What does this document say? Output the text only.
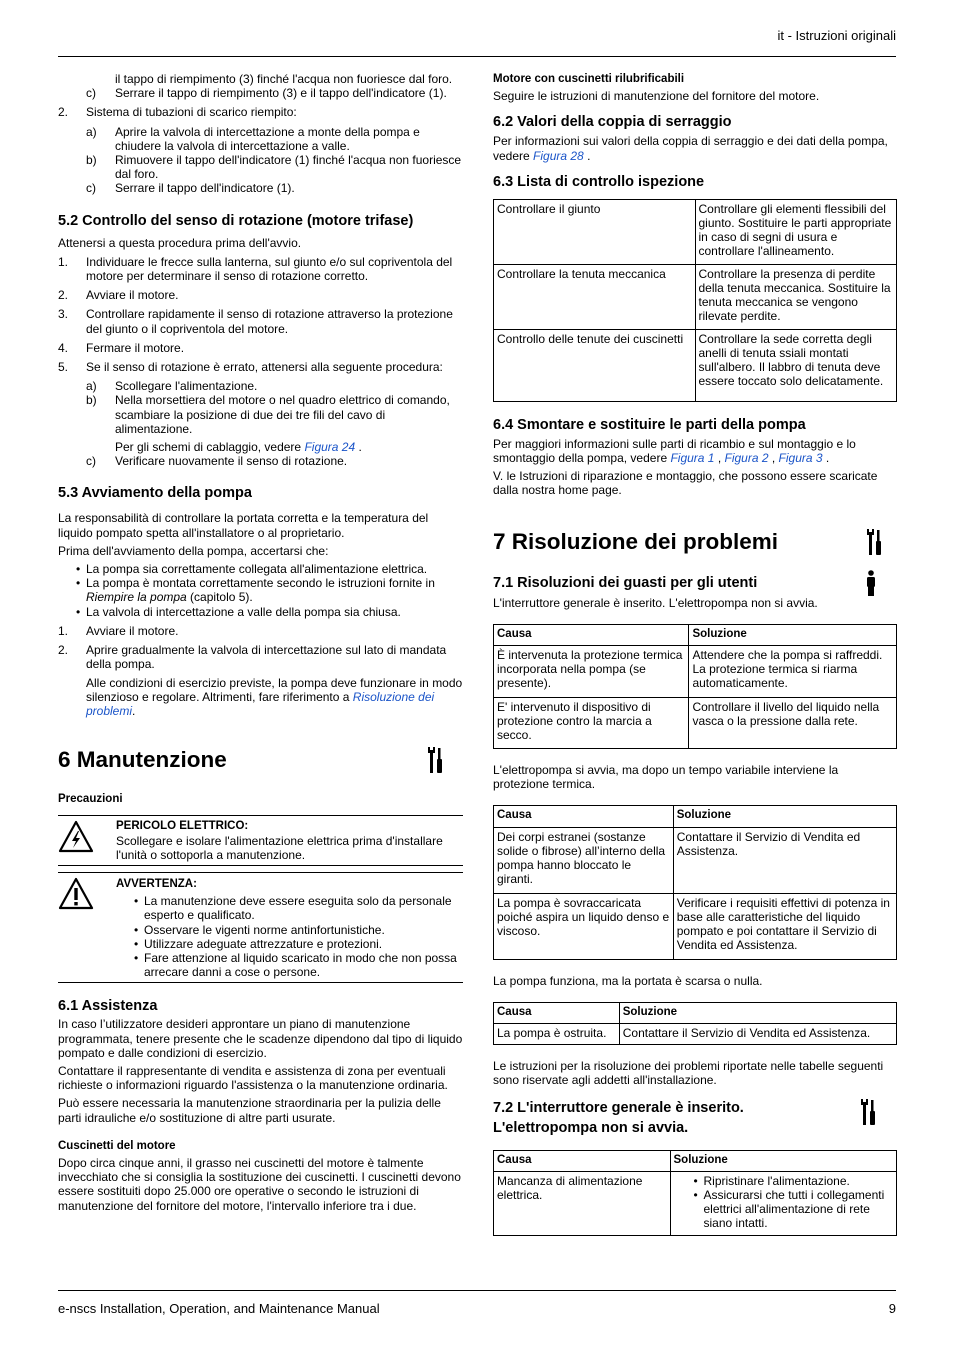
it - Istruzioni originali

il tappo di riempimento (3) finché l'acqua non fuoriesce dal foro.

c) Serrare il tappo di riempimento (3) e il tappo dell'indicatore (1).
2. Sistema di tubazioni di scarico riempito:
a) Aprire la valvola di intercettazione a monte della pompa e chiudere la valvola di intercettazione a valle.
b) Rimuovere il tappo dell'indicatore (1) finché l'acqua non fuoriesce dal foro.
c) Serrare il tappo dell'indicatore (1).
5.2 Controllo del senso di rotazione (motore trifase)

Attenersi a questa procedura prima dell'avvio.

1. Individuare le frecce sulla lanterna, sul giunto e/o sul copriventola del motore per determinare il senso di rotazione corretto.
2. Avviare il motore.
3. Controllare rapidamente il senso di rotazione attraverso la protezione del giunto o il copriventola del motore.
4. Fermare il motore.
5. Se il senso di rotazione è errato, attenersi alla seguente procedura:
a) Scollegare l'alimentazione.
b) Nella morsettiera del motore o nel quadro elettrico di comando, scambiare la posizione di due dei tre fili del cavo di alimentazione.

Per gli schemi di cablaggio, vedere Figura 24 .

c) Verificare nuovamente il senso di rotazione.
5.3 Avviamento della pompa

La responsabilità di controllare la portata corretta e la temperatura del liquido pompato spetta all'installatore o al proprietario.

Prima dell'avviamento della pompa, accertarsi che:

• La pompa sia correttamente collegata all'alimentazione elettrica.
• La pompa è montata correttamente secondo le istruzioni fornite in Riempire la pompa (capitolo 5).
• La valvola di intercettazione a valle della pompa sia chiusa.
1. Avviare il motore.
2. Aprire gradualmente la valvola di intercettazione sul lato di mandata della pompa.

Alle condizioni di esercizio previste, la pompa deve funzionare in modo silenzioso e regolare. Altrimenti, fare riferimento a Risoluzione dei problemi.

6 Manutenzione
Precauzioni
PERICOLO ELETTRICO:

Scollegare e isolare l'alimentazione elettrica prima d'installare l'unità o sottoporla a manutenzione.

AVVERTENZA:
• La manutenzione deve essere eseguita solo da personale esperto e qualificato.
• Osservare le vigenti norme antinfortunistiche.
• Utilizzare adeguate attrezzature e protezioni.
• Fare attenzione al liquido scaricato in modo che non possa arrecare danni a cose o persone.
6.1 Assistenza

In caso l’utilizzatore desideri approntare un piano di manutenzione programmata, tenere presente che le scadenze dipendono dal tipo di liquido pompato e dalle condizioni di esercizio.

Contattare il rappresentante di vendita e assistenza di zona per eventuali richieste o informazioni riguardo l'assistenza o la manutenzione ordinaria.

Può essere necessaria la manutenzione straordinaria per la pulizia delle parti idrauliche e/o sostituzione di altre parti usurate.

Cuscinetti del motore

Dopo circa cinque anni, il grasso nei cuscinetti del motore è talmente invecchiato che si consiglia la sostituzione dei cuscinetti. I cuscinetti devono essere sostituiti dopo 25.000 ore operative o secondo le istruzioni di manutenzione del fornitore del motore, l'intervallo inferiore tra i due.

Motore con cuscinetti rilubrificabili

Seguire le istruzioni di manutenzione del fornitore del motore.

6.2 Valori della coppia di serraggio

Per informazioni sui valori della coppia di serraggio e dei dati della pompa, vedere Figura 28 .

6.3 Lista di controllo ispezione
Controllare il giunto	Controllare gli elementi flessibili del giunto. Sostituire le parti appropriate in caso di segni di usura e controllare l'allineamento.
Controllare la tenuta meccanica	Controllare la presenza di perdite della tenuta meccanica. Sostituire la tenuta meccanica se vengono rilevate perdite.
Controllo delle tenute dei cuscinetti	Controllare la sede corretta degli anelli di tenuta ssiali montati sull'albero. Il labbro di tenuta deve essere toccato solo delicatamente.
6.4 Smontare e sostituire le parti della pompa

Per maggiori informazioni sulle parti di ricambio e sul montaggio e lo smontaggio della pompa, vedere Figura 1 , Figura 2 , Figura 3 .

V. le Istruzioni di riparazione e montaggio, che possono essere scaricate dalla nostra home page.

7 Risoluzione dei problemi
7.1 Risoluzioni dei guasti per gli utenti

L'interruttore generale è inserito. L'elettropompa non si avvia.

Causa	Soluzione
È intervenuta la protezione termica incorporata nella pompa (se presente).	Attendere che la pompa si raffreddi. La protezione termica si riarma automaticamente.
E' intervenuto il dispositivo di protezione contro la marcia a secco.	Controllare il livello del liquido nella vasca o la pressione dalla rete.

L'elettropompa si avvia, ma dopo un tempo variabile interviene la protezione termica.

Causa	Soluzione
Dei corpi estranei (sostanze solide o fibrose) all’interno della pompa hanno bloccato le giranti.	Contattare il Servizio di Vendita ed Assistenza.
La pompa è sovraccaricata poiché aspira un liquido denso e viscoso.	Verificare i requisiti effettivi di potenza in base alle caratteristiche del liquido pompato e poi contattare il Servizio di Vendita ed Assistenza.

La pompa funziona, ma la portata è scarsa o nulla.

Causa	Soluzione
La pompa è ostruita.	Contattare il Servizio di Vendita ed Assistenza.

Le istruzioni per la risoluzione dei problemi riportate nelle tabelle seguenti sono riservate agli addetti all'installazione.

7.2 L'interruttore generale è inserito. L'elettropompa non si avvia.
Causa	Soluzione
Mancanza di alimentazione elettrica.	• Ripristinare l'alimentazione.
• Assicurarsi che tutti i collegamenti elettrici all'alimentazione di rete siano intatti.
e-nscs Installation, Operation, and Maintenance Manual	9
